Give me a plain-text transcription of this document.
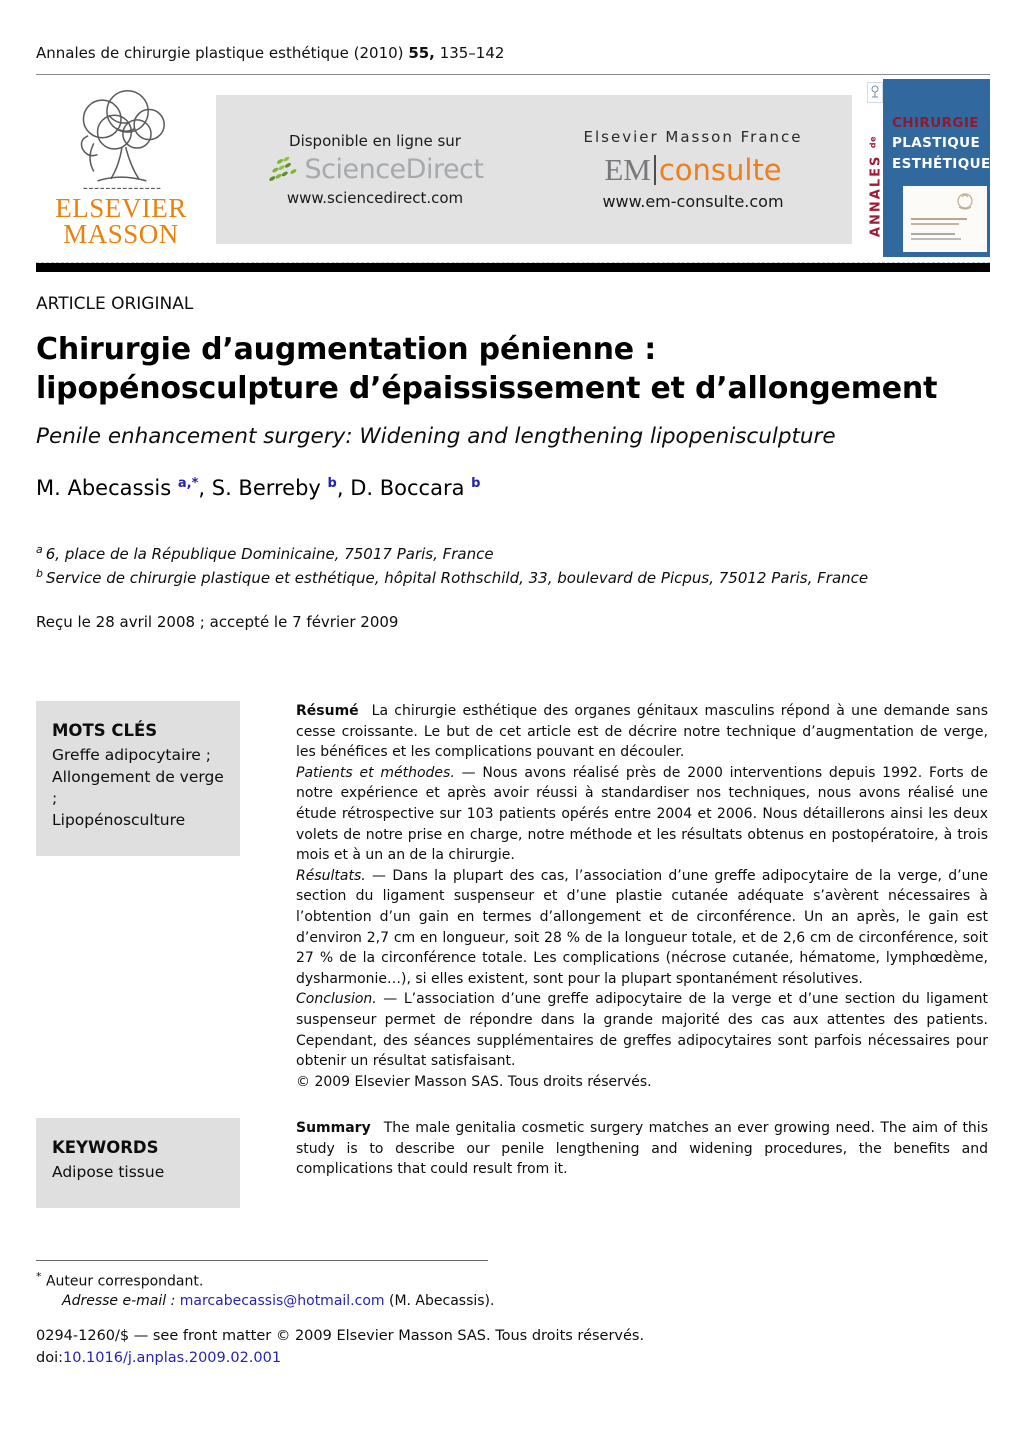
Annales de chirurgie plastique esthétique (2010) 55, 135–142
ELSEVIER
MASSON
Disponible en ligne sur
ScienceDirect
www.sciencedirect.com
Elsevier Masson France
EM consulte
www.em-consulte.com	ANNALES $^{de}$
CHIRURGIE
PLASTIQUE
ESTHÉTIQUE
ARTICLE ORIGINAL
Chirurgie d’augmentation pénienne :
lipopénosculpture d’épaississement et d’allongement
Penile enhancement surgery: Widening and lengthening lipopenisculpture
M. Abecassis $^{a,*}$, S. Berreby $^b$, D. Boccara $^b$
$^a$ 6, place de la République Dominicaine, 75017 Paris, France
$^b$ Service de chirurgie plastique et esthétique, hôpital Rothschild, 33, boulevard de Picpus, 75012 Paris, France
Reçu le 28 avril 2008 ; accepté le 7 février 2009
MOTS CLÉS
Greffe adipocytaire ;
Allongement de verge ;
Lipopénosculture

Résumé La chirurgie esthétique des organes génitaux masculins répond à une demande sans cesse croissante. Le but de cet article est de décrire notre technique d’augmentation de verge, les bénéfices et les complications pouvant en découler.

Patients et méthodes. — Nous avons réalisé près de 2000 interventions depuis 1992. Forts de notre expérience et après avoir réussi à standardiser nos techniques, nous avons réalisé une étude rétrospective sur 103 patients opérés entre 2004 et 2006. Nous détaillerons ainsi les deux volets de notre prise en charge, notre méthode et les résultats obtenus en postopératoire, à trois mois et à un an de la chirurgie.

Résultats. — Dans la plupart des cas, l’association d’une greffe adipocytaire de la verge, d’une section du ligament suspenseur et d’une plastie cutanée adéquate s’avèrent nécessaires à l’obtention d’un gain en termes d’allongement et de circonférence. Un an après, le gain est d’environ 2,7 cm en longueur, soit 28 % de la longueur totale, et de 2,6 cm de circonférence, soit 27 % de la circonférence totale. Les complications (nécrose cutanée, hématome, lymphœdème, dysharmonie…), si elles existent, sont pour la plupart spontanément résolutives.

Conclusion. — L’association d’une greffe adipocytaire de la verge et d’une section du ligament suspenseur permet de répondre dans la grande majorité des cas aux attentes des patients. Cependant, des séances supplémentaires de greffes adipocytaires sont parfois nécessaires pour obtenir un résultat satisfaisant.

© 2009 Elsevier Masson SAS. Tous droits réservés.

KEYWORDS
Adipose tissue

Summary The male genitalia cosmetic surgery matches an ever growing need. The aim of this study is to describe our penile lengthening and widening procedures, the benefits and complications that could result from it.

* Auteur correspondant.
Adresse e-mail : marcabecassis@hotmail.com (M. Abecassis).
0294-1260/$ — see front matter © 2009 Elsevier Masson SAS. Tous droits réservés.
doi:10.1016/j.anplas.2009.02.001
